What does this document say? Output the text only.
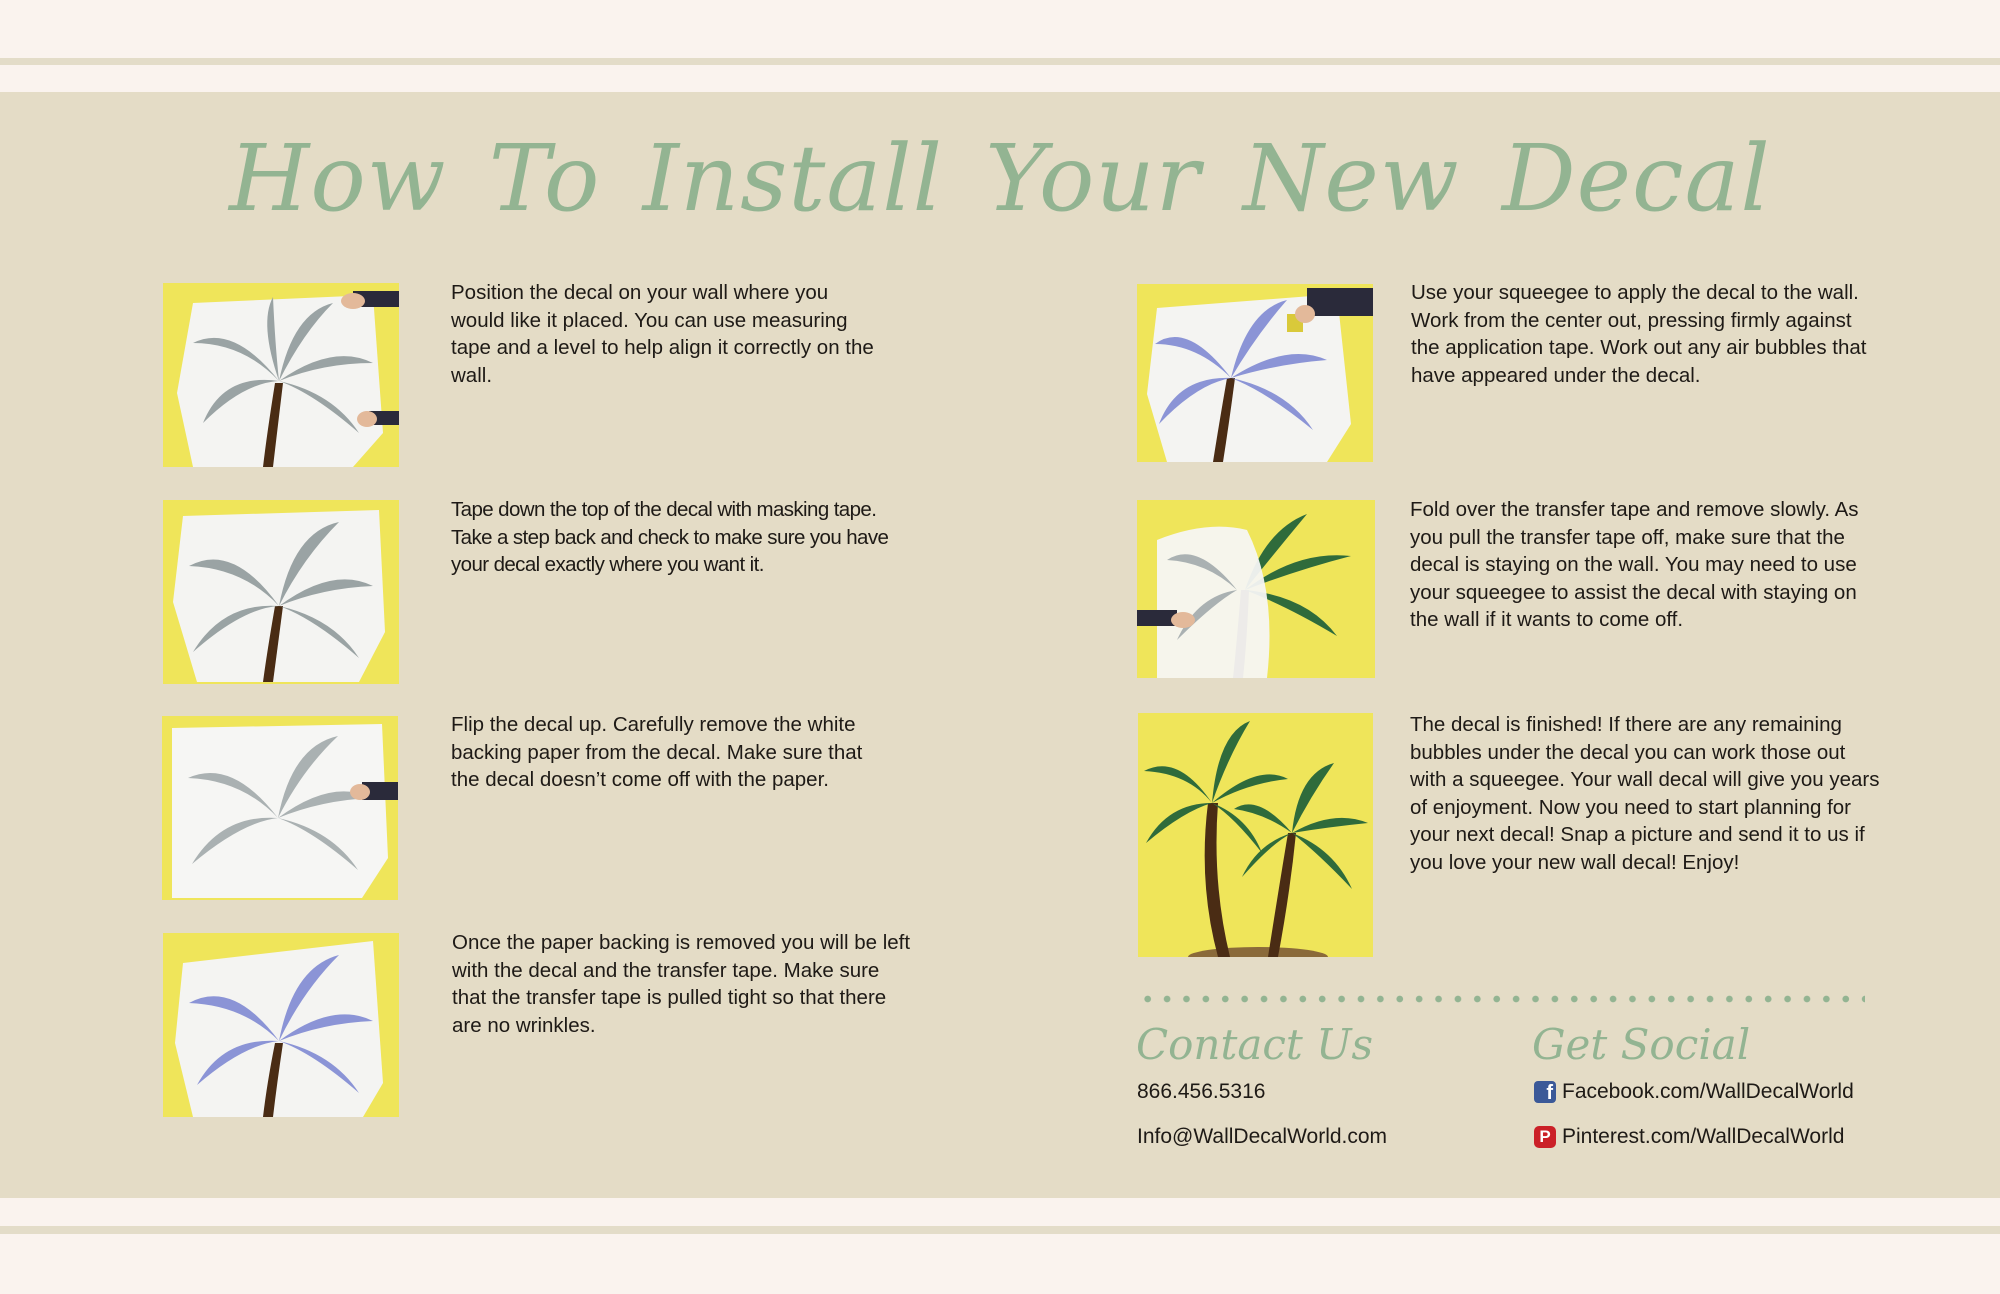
How To Install Your New Decal
Position the decal on your wall where you would like it placed. You can use measuring tape and a level to help align it correctly on the wall.
Tape down the top of the decal with masking tape. Take a step back and check to make sure you have your decal exactly where you want it.
Flip the decal up. Carefully remove the white backing paper from the decal. Make sure that the decal doesn’t come off with the paper.
Once the paper backing is removed you will be left with the decal and the transfer tape. Make sure that the transfer tape is pulled tight so that there are no wrinkles.
Use your squeegee to apply the decal to the wall. Work from the center out, pressing firmly against the application tape. Work out any air bubbles that have appeared under the decal.
Fold over the transfer tape and remove slowly. As you pull the transfer tape off, make sure that the decal is staying on the wall. You may need to use your squeegee to assist the decal with staying on the wall if it wants to come off.
The decal is finished! If there are any remaining bubbles under the decal you can work those out with a squeegee. Your wall decal will give you years of enjoyment. Now you need to start planning for your next decal! Snap a picture and send it to us if you love your new wall decal! Enjoy!
Contact Us
866.456.5316
Info@WallDecalWorld.com
Get Social
f Facebook.com/WallDecalWorld
P Pinterest.com/WallDecalWorld
